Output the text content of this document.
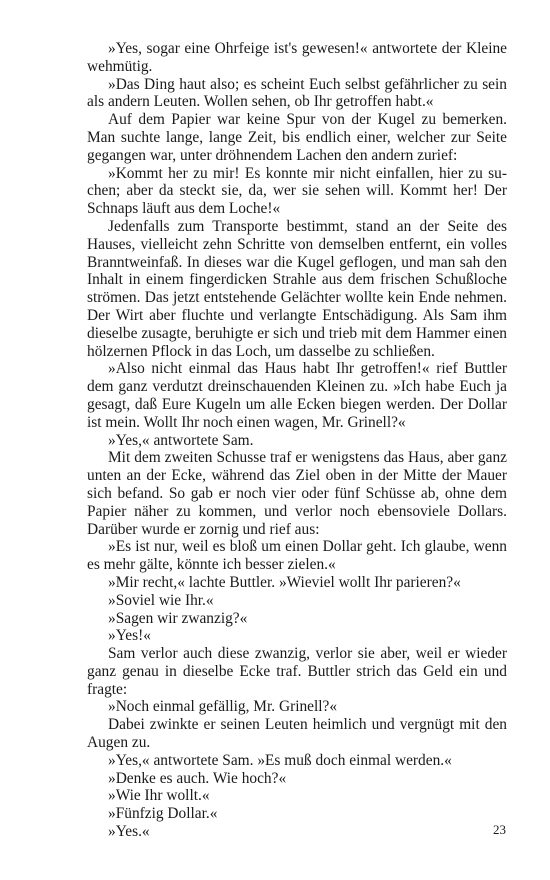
»Yes, sogar eine Ohrfeige ist's gewesen!« antwortete der Kleine wehmütig.

»Das Ding haut also; es scheint Euch selbst gefährlicher zu sein als andern Leuten. Wollen sehen, ob Ihr getroffen habt.«

Auf dem Papier war keine Spur von der Kugel zu bemerken. Man suchte lange, lange Zeit, bis endlich einer, welcher zur Seite gegangen war, unter dröhnendem Lachen den andern zurief:

»Kommt her zu mir! Es konnte mir nicht einfallen, hier zu suchen; aber da steckt sie, da, wer sie sehen will. Kommt her! Der Schnaps läuft aus dem Loche!«

Jedenfalls zum Transporte bestimmt, stand an der Seite des Hauses, vielleicht zehn Schritte von demselben entfernt, ein volles Branntweinfaß. In dieses war die Kugel geflogen, und man sah den Inhalt in einem fingerdicken Strahle aus dem frischen Schußloche strömen. Das jetzt entstehende Gelächter wollte kein Ende nehmen. Der Wirt aber fluchte und verlangte Entschädigung. Als Sam ihm dieselbe zusagte, beruhigte er sich und trieb mit dem Hammer einen hölzernen Pflock in das Loch, um dasselbe zu schließen.

»Also nicht einmal das Haus habt Ihr getroffen!« rief Buttler dem ganz verdutzt dreinschauenden Kleinen zu. »Ich habe Euch ja gesagt, daß Eure Kugeln um alle Ecken biegen werden. Der Dollar ist mein. Wollt Ihr noch einen wagen, Mr. Grinell?«

»Yes,« antwortete Sam.

Mit dem zweiten Schusse traf er wenigstens das Haus, aber ganz unten an der Ecke, während das Ziel oben in der Mitte der Mauer sich befand. So gab er noch vier oder fünf Schüsse ab, ohne dem Papier näher zu kommen, und verlor noch ebensoviele Dollars. Darüber wurde er zornig und rief aus:

»Es ist nur, weil es bloß um einen Dollar geht. Ich glaube, wenn es mehr gälte, könnte ich besser zielen.«

»Mir recht,« lachte Buttler. »Wieviel wollt Ihr parieren?«

»Soviel wie Ihr.«

»Sagen wir zwanzig?«

»Yes!«

Sam verlor auch diese zwanzig, verlor sie aber, weil er wieder ganz genau in dieselbe Ecke traf. Buttler strich das Geld ein und fragte:

»Noch einmal gefällig, Mr. Grinell?«

Dabei zwinkte er seinen Leuten heimlich und vergnügt mit den Augen zu.

»Yes,« antwortete Sam. »Es muß doch einmal werden.«

»Denke es auch. Wie hoch?«

»Wie Ihr wollt.«

»Fünfzig Dollar.«

»Yes.«	23
